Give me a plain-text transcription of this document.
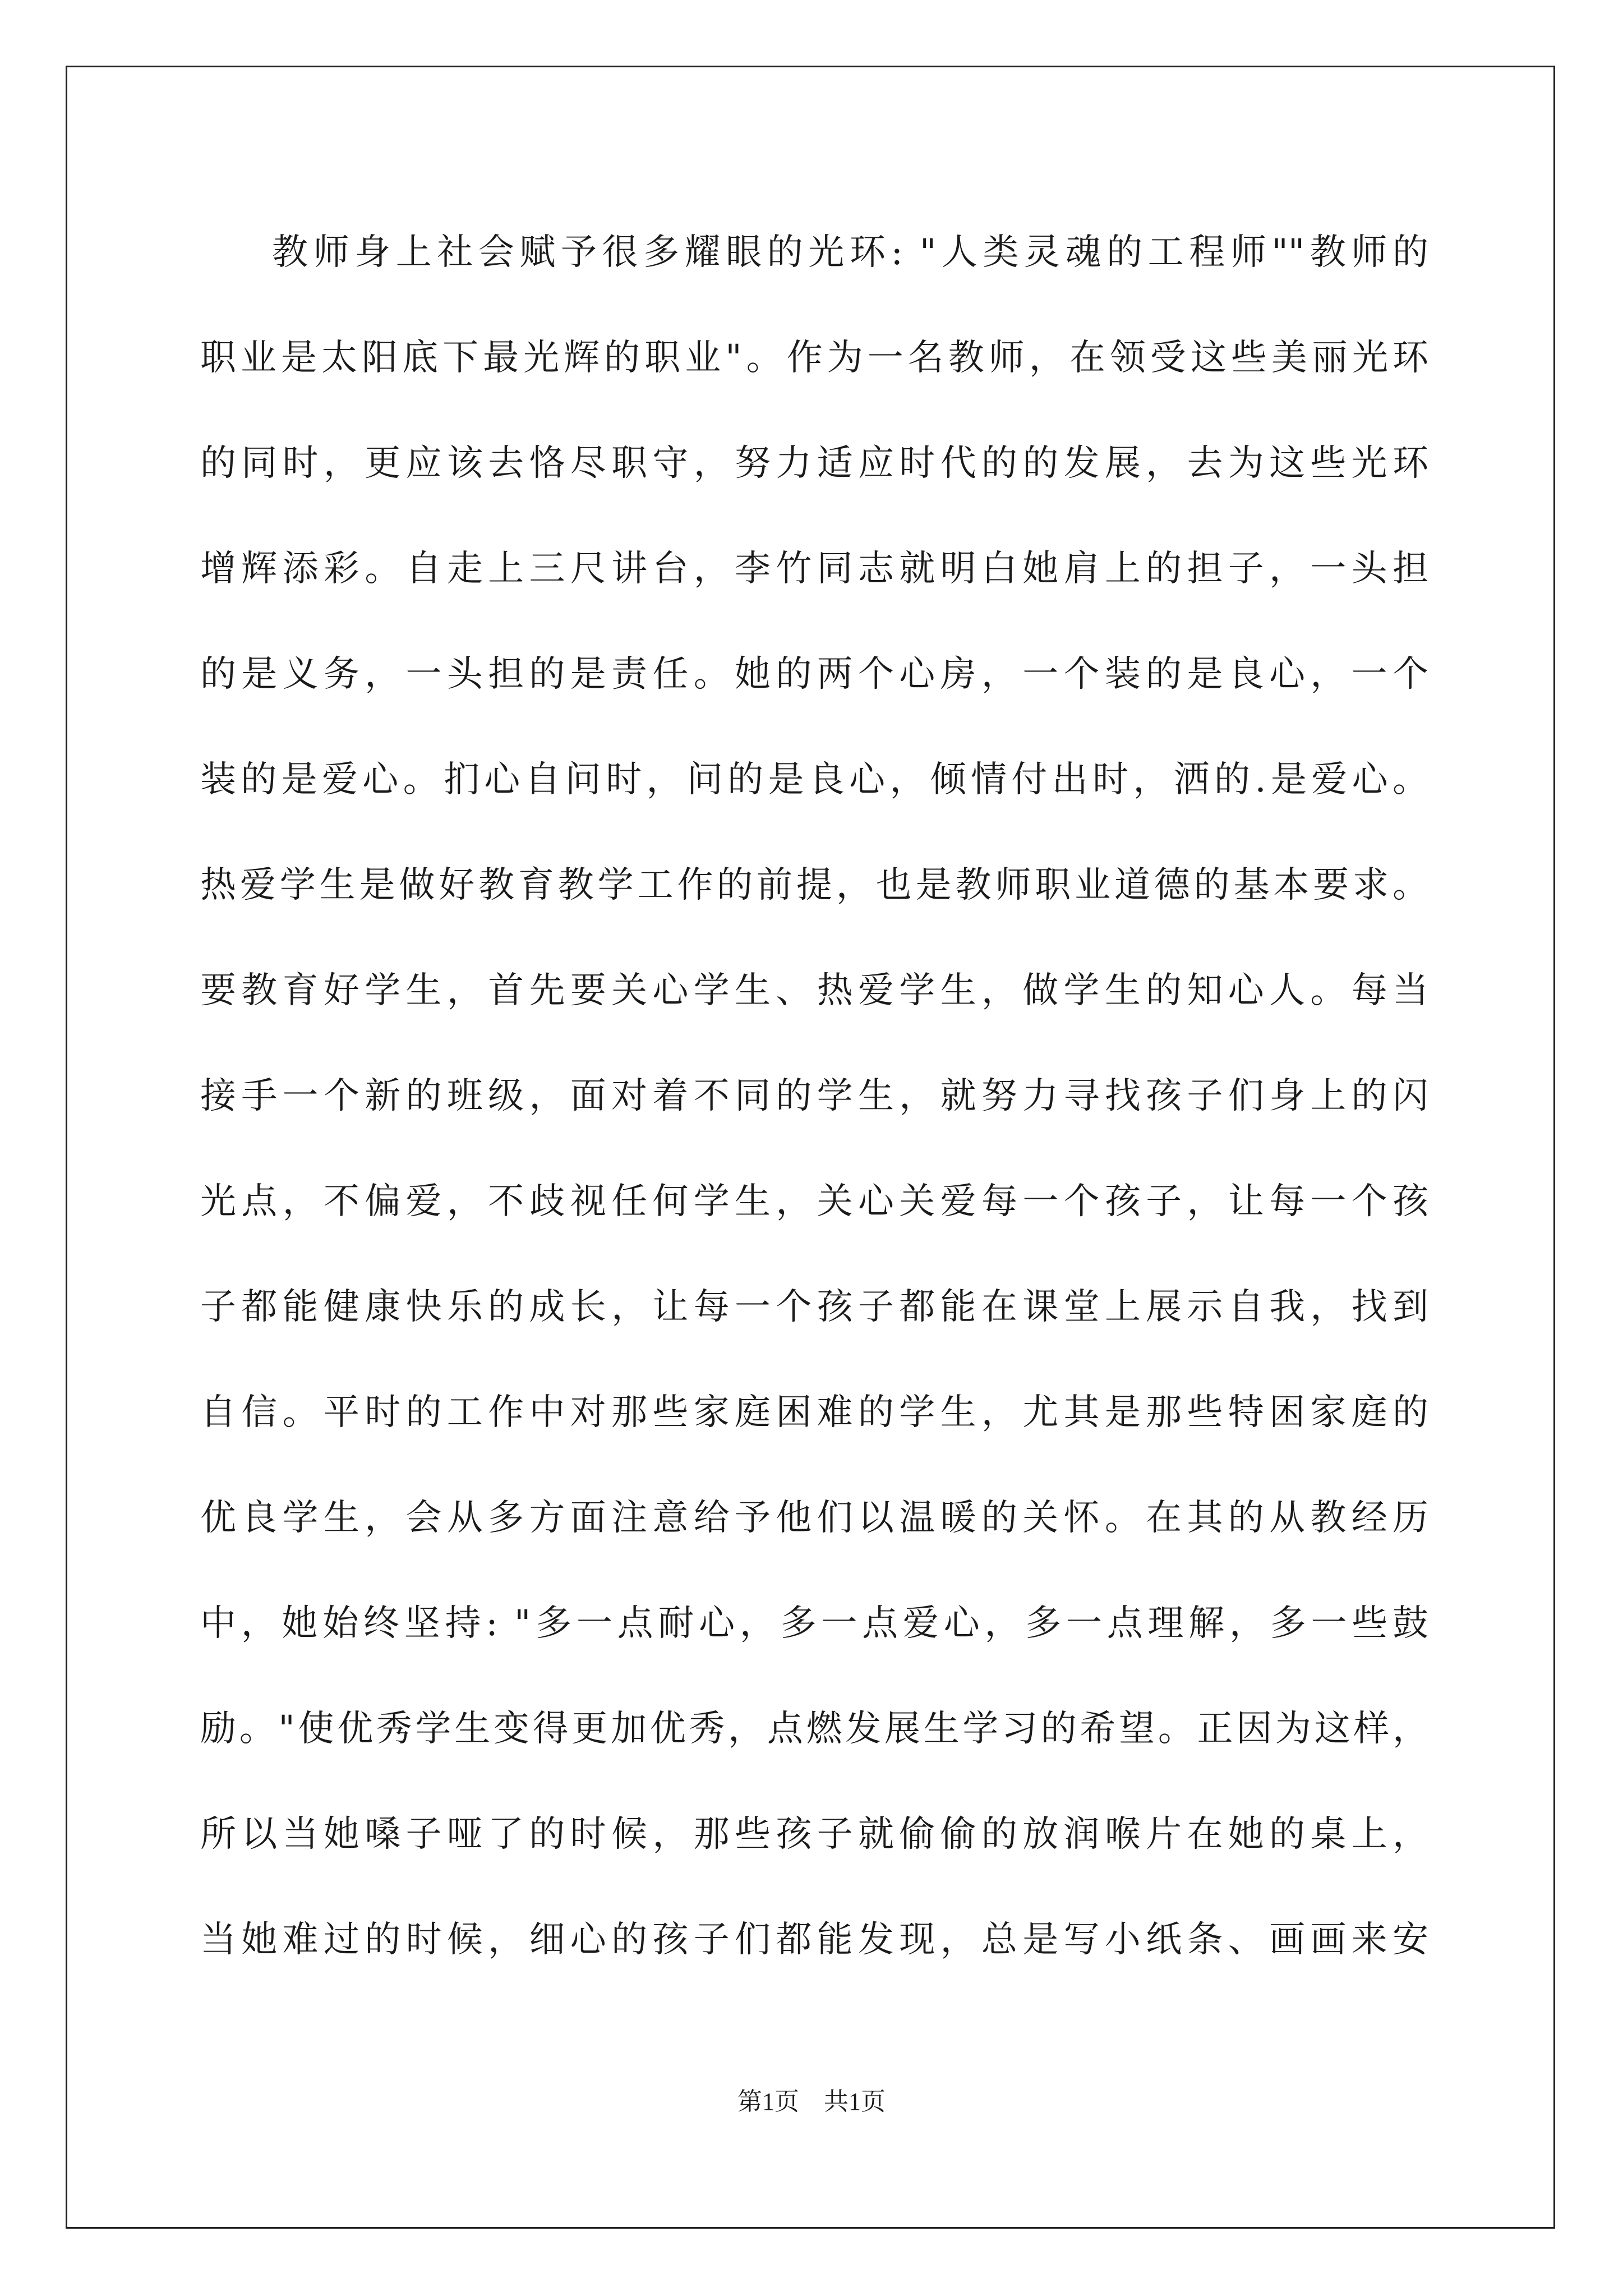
教师身上社会赋予很多耀眼的光环: "人类灵魂的工程师""教师的
职业是太阳底下最光辉的职业"。作为一名教师，在领受这些美丽光环
的同时，更应该去恪尽职守，努力适应时代的的发展，去为这些光环
增辉添彩。自走上三尺讲台，李竹同志就明白她肩上的担子，一头担
的是义务，一头担的是责任。她的两个心房，一个装的是良心，一个
装的是爱心。扪心自问时，问的是良心，倾情付出时，洒的.是爱心。
热爱学生是做好教育教学工作的前提，也是教师职业道德的基本要求。
要教育好学生，首先要关心学生、热爱学生，做学生的知心人。每当
接手一个新的班级，面对着不同的学生，就努力寻找孩子们身上的闪
光点，不偏爱，不歧视任何学生，关心关爱每一个孩子，让每一个孩
子都能健康快乐的成长，让每一个孩子都能在课堂上展示自我，找到
自信。平时的工作中对那些家庭困难的学生，尤其是那些特困家庭的
优良学生，会从多方面注意给予他们以温暖的关怀。在其的从教经历
中，她始终坚持: "多一点耐心，多一点爱心，多一点理解，多一些鼓
励。"使优秀学生变得更加优秀，点燃发展生学习的希望。正因为这样，
所以当她嗓子哑了的时候，那些孩子就偷偷的放润喉片在她的桌上，
当她难过的时候，细心的孩子们都能发现，总是写小纸条、画画来安
第1页　共1页
